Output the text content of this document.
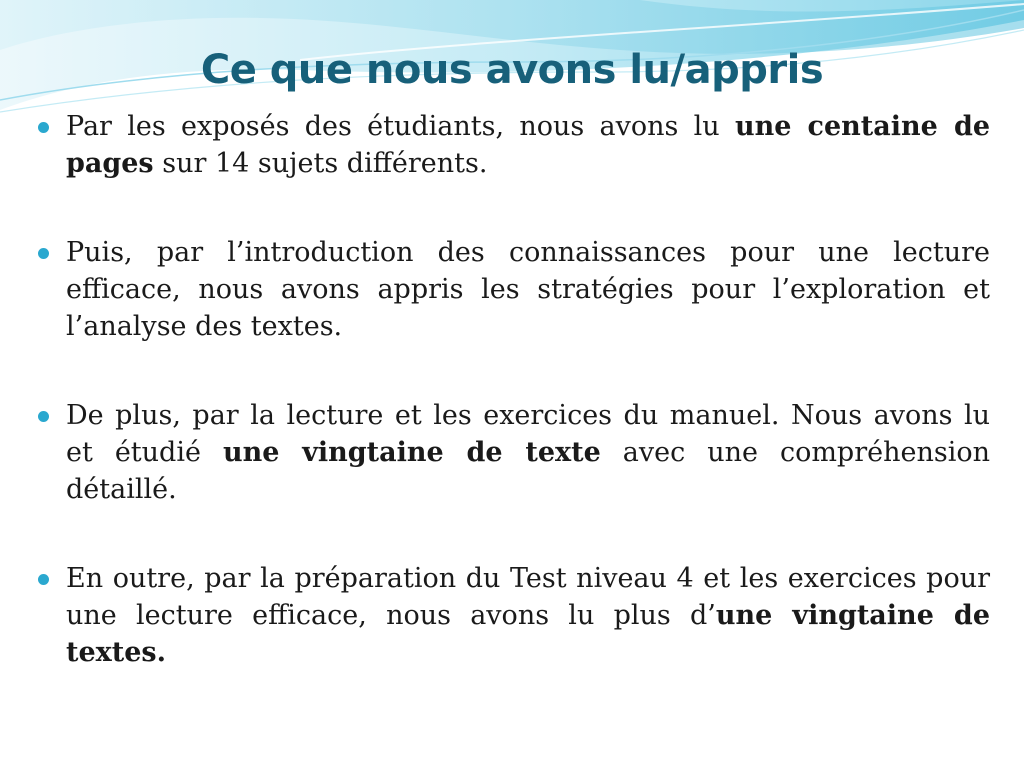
Ce que nous avons lu/appris
Par les exposés des étudiants, nous avons lu une centaine de pages sur 14 sujets différents.
Puis, par l’introduction des connaissances pour une lecture efficace, nous avons appris les stratégies pour l’exploration et l’analyse des textes.
De plus, par la lecture et les exercices du manuel. Nous avons lu et étudié une vingtaine de texte avec une compréhension détaillé.
En outre, par la préparation du Test niveau 4 et les exercices pour une lecture efficace, nous avons lu plus d’une vingtaine de textes.
